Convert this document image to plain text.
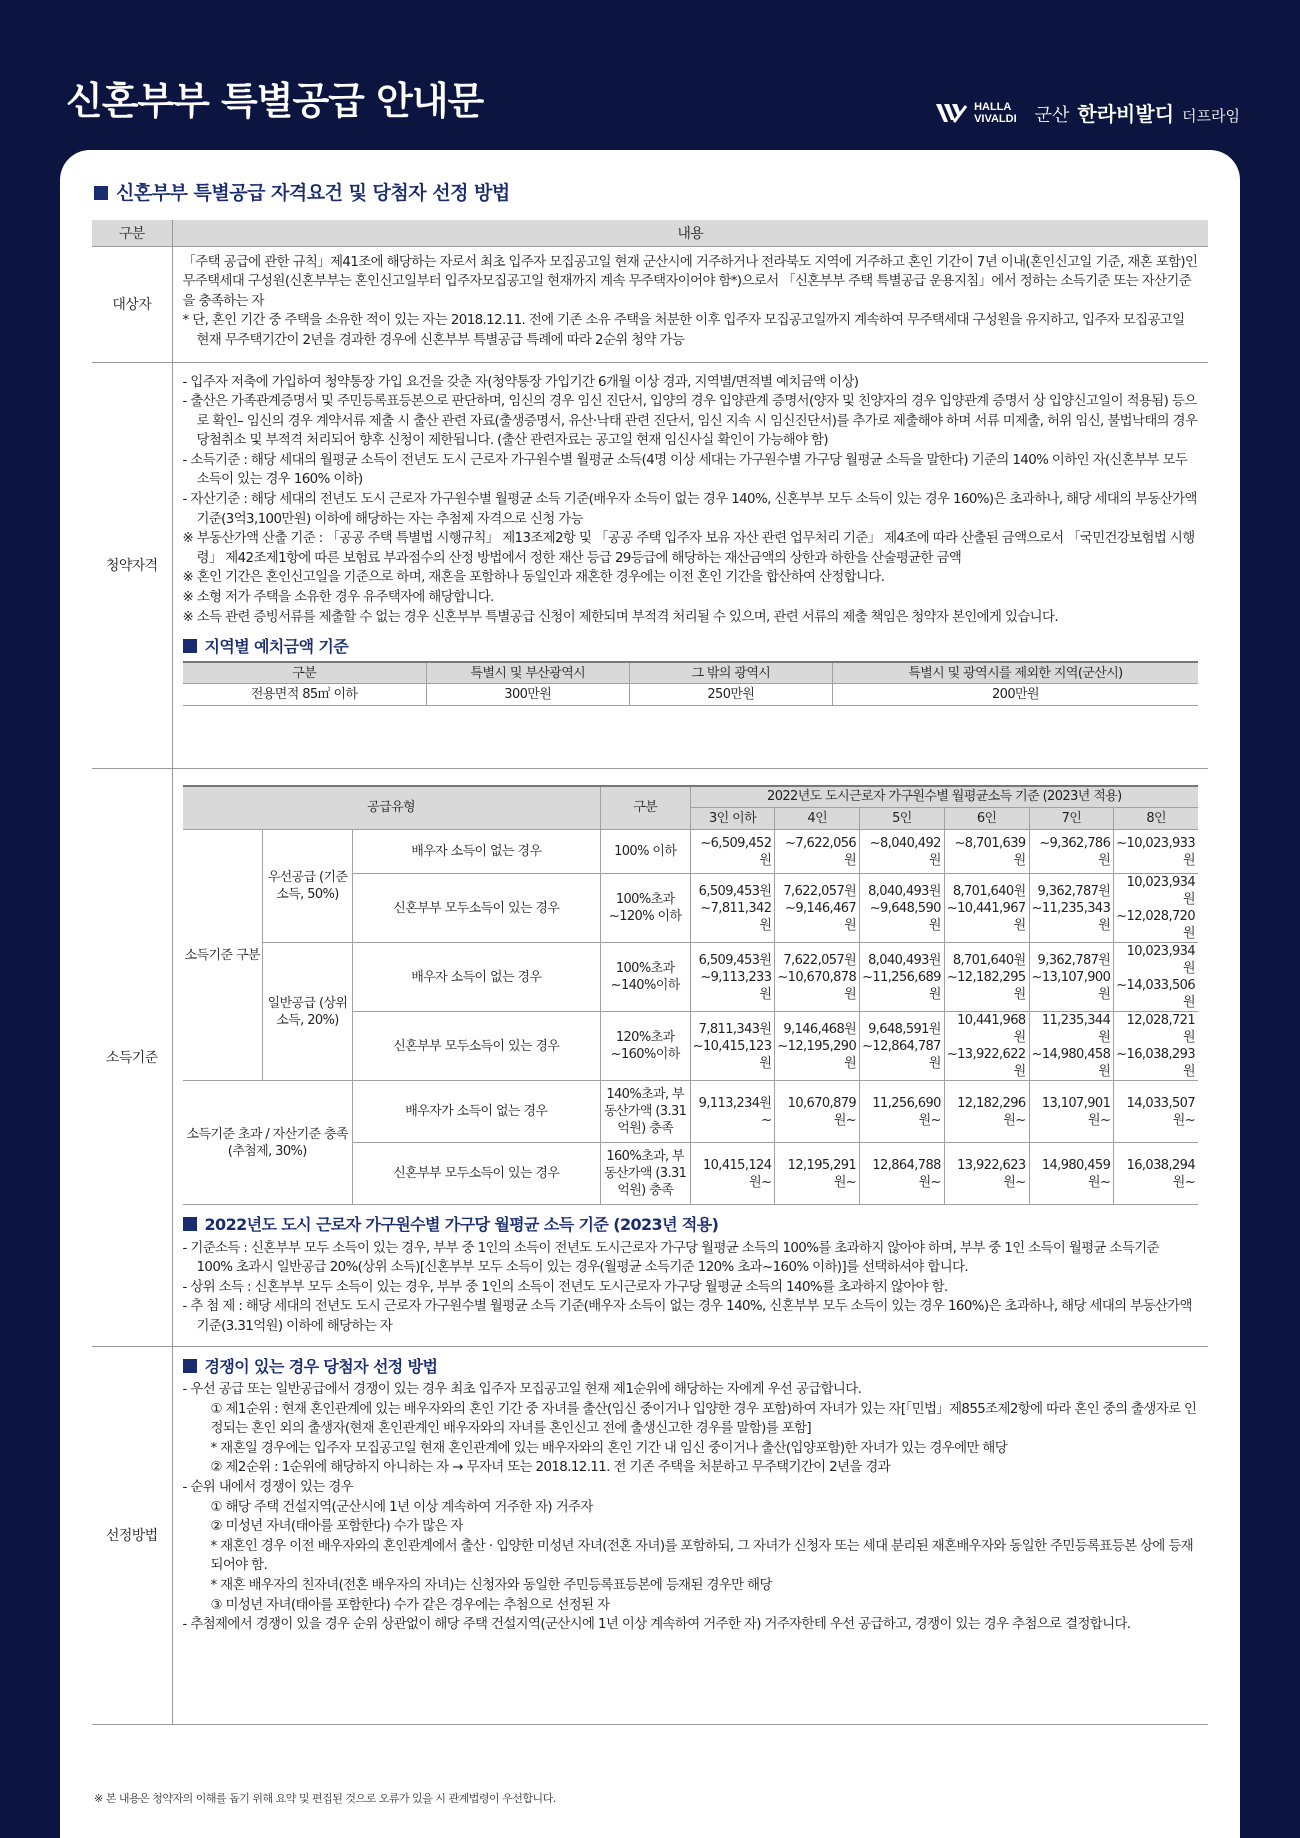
신혼부부 특별공급 안내문	HALLA
VIVALDI 군산 한라비발디 더프라임
신혼부부 특별공급 자격요건 및 당첨자 선정 방법
구분	내용
대상자	

「주택 공급에 관한 규칙」제41조에 해당하는 자로서 최초 입주자 모집공고일 현재 군산시에 거주하거나 전라북도 지역에 거주하고 혼인 기간이 7년 이내(혼인신고일 기준, 재혼 포함)인 무주택세대 구성원(신혼부부는 혼인신고일부터 입주자모집공고일 현재까지 계속 무주택자이어야 함*)으로서 「신혼부부 주택 특별공급 운용지침」에서 정하는 소득기준 또는 자산기준을 충족하는 자

* 단, 혼인 기간 중 주택을 소유한 적이 있는 자는 2018.12.11. 전에 기존 소유 주택을 처분한 이후 입주자 모집공고일까지 계속하여 무주택세대 구성원을 유지하고, 입주자 모집공고일 현재 무주택기간이 2년을 경과한 경우에 신혼부부 특별공급 특례에 따라 2순위 청약 가능

청약자격	

- 입주자 저축에 가입하여 청약통장 가입 요건을 갖춘 자(청약통장 가입기간 6개월 이상 경과, 지역별/면적별 예치금액 이상)

- 출산은 가족관계증명서 및 주민등록표등본으로 판단하며, 임신의 경우 임신 진단서, 입양의 경우 입양관계 증명서(양자 및 친양자의 경우 입양관계 증명서 상 입양신고일이 적용됨) 등으로 확인– 임신의 경우 계약서류 제출 시 출산 관련 자료(출생증명서, 유산·낙태 관련 진단서, 임신 지속 시 임신진단서)를 추가로 제출해야 하며 서류 미제출, 허위 임신, 불법낙태의 경우 당첨취소 및 부적격 처리되어 향후 신청이 제한됩니다. (출산 관련자료는 공고일 현재 임신사실 확인이 가능해야 함)

- 소득기준 : 해당 세대의 월평균 소득이 전년도 도시 근로자 가구원수별 월평균 소득(4명 이상 세대는 가구원수별 가구당 월평균 소득을 말한다) 기준의 140% 이하인 자(신혼부부 모두 소득이 있는 경우 160% 이하)

- 자산기준 : 해당 세대의 전년도 도시 근로자 가구원수별 월평균 소득 기준(배우자 소득이 없는 경우 140%, 신혼부부 모두 소득이 있는 경우 160%)은 초과하나, 해당 세대의 부동산가액 기준(3억3,100만원) 이하에 해당하는 자는 추첨제 자격으로 신청 가능

※ 부동산가액 산출 기준 : 「공공 주택 특별법 시행규칙」 제13조제2항 및 「공공 주택 입주자 보유 자산 관련 업무처리 기준」 제4조에 따라 산출된 금액으로서 「국민건강보험법 시행령」 제42조제1항에 따른 보험료 부과점수의 산정 방법에서 정한 재산 등급 29등급에 해당하는 재산금액의 상한과 하한을 산술평균한 금액

※ 혼인 기간은 혼인신고일을 기준으로 하며, 재혼을 포함하나 동일인과 재혼한 경우에는 이전 혼인 기간을 합산하여 산정합니다.

※ 소형 저가 주택을 소유한 경우 유주택자에 해당합니다.

※ 소득 관련 증빙서류를 제출할 수 없는 경우 신혼부부 특별공급 신청이 제한되며 부적격 처리될 수 있으며, 관련 서류의 제출 책임은 청약자 본인에게 있습니다.

지역별 예치금액 기준
구분	특별시 및 부산광역시	그 밖의 광역시	특별시 및 광역시를 제외한 지역(군산시)
전용면적 85㎡ 이하	300만원	250만원	200만원

소득기준	
공급유형	구분	2022년도 도시근로자 가구원수별 월평균소득 기준 (2023년 적용)
3인 이하	4인	5인	6인	7인	8인
소득기준 구분	우선공급 (기준소득, 50%)	배우자 소득이 없는 경우	100% 이하	~6,509,452원	~7,622,056원	~8,040,492원	~8,701,639원	~9,362,786원	~10,023,933원
신혼부부 모두소득이 있는 경우	100%초과 ~120% 이하	6,509,453원 ~7,811,342원	7,622,057원 ~9,146,467원	8,040,493원 ~9,648,590원	8,701,640원 ~10,441,967원	9,362,787원 ~11,235,343원	10,023,934원 ~12,028,720원
일반공급 (상위소득, 20%)	배우자 소득이 없는 경우	100%초과 ~140%이하	6,509,453원 ~9,113,233원	7,622,057원 ~10,670,878원	8,040,493원 ~11,256,689원	8,701,640원 ~12,182,295원	9,362,787원 ~13,107,900원	10,023,934원 ~14,033,506원
신혼부부 모두소득이 있는 경우	120%초과 ~160%이하	7,811,343원 ~10,415,123원	9,146,468원 ~12,195,290원	9,648,591원 ~12,864,787원	10,441,968원 ~13,922,622원	11,235,344원 ~14,980,458원	12,028,721원 ~16,038,293원
소득기준 초과 / 자산기준 충족 (추첨제, 30%)	배우자가 소득이 없는 경우	140%초과, 부동산가액 (3.31억원) 충족	9,113,234원~	10,670,879원~	11,256,690원~	12,182,296원~	13,107,901원~	14,033,507원~
신혼부부 모두소득이 있는 경우	160%초과, 부동산가액 (3.31억원) 충족	10,415,124원~	12,195,291원~	12,864,788원~	13,922,623원~	14,980,459원~	16,038,294원~
2022년도 도시 근로자 가구원수별 가구당 월평균 소득 기준 (2023년 적용)

- 기준소득 : 신혼부부 모두 소득이 있는 경우, 부부 중 1인의 소득이 전년도 도시근로자 가구당 월평균 소득의 100%를 초과하지 않아야 하며, 부부 중 1인 소득이 월평균 소득기준 100% 초과시 일반공급 20%(상위 소득)[신혼부부 모두 소득이 있는 경우(월평균 소득기준 120% 초과~160% 이하)]를 선택하셔야 합니다.

- 상위 소득 : 신혼부부 모두 소득이 있는 경우, 부부 중 1인의 소득이 전년도 도시근로자 가구당 월평균 소득의 140%를 초과하지 않아야 함.

- 추 첨 제 : 해당 세대의 전년도 도시 근로자 가구원수별 월평균 소득 기준(배우자 소득이 없는 경우 140%, 신혼부부 모두 소득이 있는 경우 160%)은 초과하나, 해당 세대의 부동산가액 기준(3.31억원) 이하에 해당하는 자

선정방법	
경쟁이 있는 경우 당첨자 선정 방법

- 우선 공급 또는 일반공급에서 경쟁이 있는 경우 최초 입주자 모집공고일 현재 제1순위에 해당하는 자에게 우선 공급합니다.

① 제1순위 : 현재 혼인관계에 있는 배우자와의 혼인 기간 중 자녀를 출산(임신 중이거나 입양한 경우 포함)하여 자녀가 있는 자[「민법」제855조제2항에 따라 혼인 중의 출생자로 인정되는 혼인 외의 출생자(현재 혼인관계인 배우자와의 자녀를 혼인신고 전에 출생신고한 경우를 말함)를 포함]

* 재혼일 경우에는 입주자 모집공고일 현재 혼인관계에 있는 배우자와의 혼인 기간 내 임신 중이거나 출산(입양포함)한 자녀가 있는 경우에만 해당

② 제2순위 : 1순위에 해당하지 아니하는 자 → 무자녀 또는 2018.12.11. 전 기존 주택을 처분하고 무주택기간이 2년을 경과

- 순위 내에서 경쟁이 있는 경우

① 해당 주택 건설지역(군산시에 1년 이상 계속하여 거주한 자) 거주자

② 미성년 자녀(태아를 포함한다) 수가 많은 자

* 재혼인 경우 이전 배우자와의 혼인관계에서 출산 · 입양한 미성년 자녀(전혼 자녀)를 포함하되, 그 자녀가 신청자 또는 세대 분리된 재혼배우자와 동일한 주민등록표등본 상에 등재되어야 함.

* 재혼 배우자의 친자녀(전혼 배우자의 자녀)는 신청자와 동일한 주민등록표등본에 등재된 경우만 해당

③ 미성년 자녀(태아를 포함한다) 수가 같은 경우에는 추첨으로 선정된 자

- 추첨제에서 경쟁이 있을 경우 순위 상관없이 해당 주택 건설지역(군산시에 1년 이상 계속하여 거주한 자) 거주자한테 우선 공급하고, 경쟁이 있는 경우 추첨으로 결정합니다.

※ 본 내용은 청약자의 이해를 돕기 위해 요약 및 편집된 것으로 오류가 있을 시 관계법령이 우선합니다.
